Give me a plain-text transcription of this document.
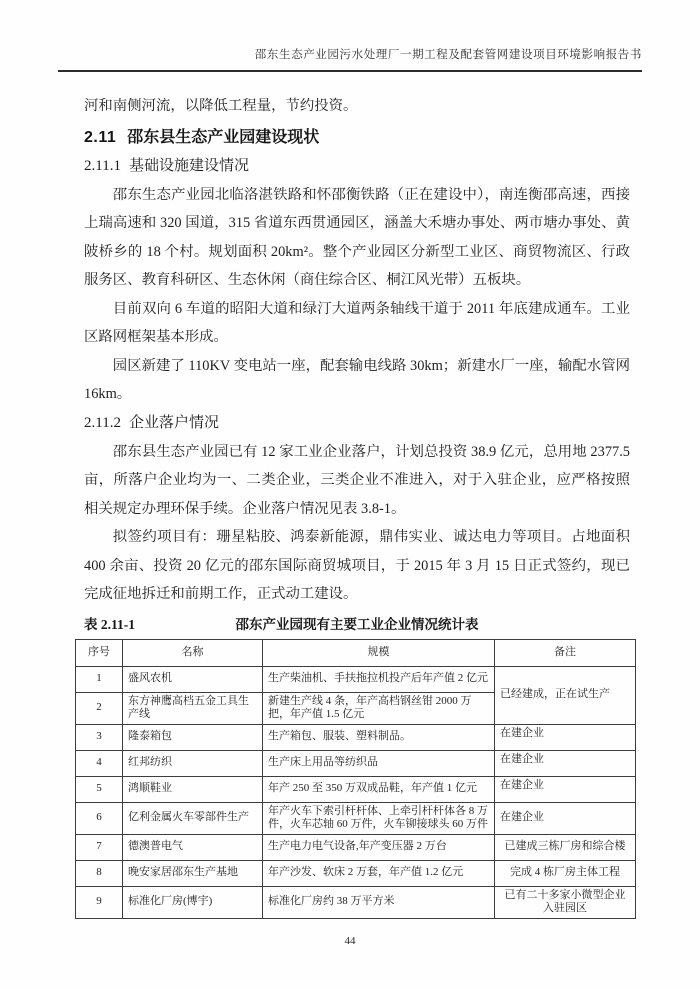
邵东生态产业园污水处理厂一期工程及配套管网建设项目环境影响报告书

河和南侧河流，以降低工程量，节约投资。

2.11 邵东县生态产业园建设现状
2.11.1 基础设施建设情况

邵东生态产业园北临洛湛铁路和怀邵衡铁路（正在建设中），南连衡邵高速，西接上瑞高速和 320 国道，315 省道东西贯通园区，涵盖大禾塘办事处、两市塘办事处、黄陂桥乡的 18 个村。规划面积 20km²。整个产业园区分新型工业区、商贸物流区、行政服务区、教育科研区、生态休闲（商住综合区、桐江风光带）五板块。

目前双向 6 车道的昭阳大道和绿汀大道两条轴线干道于 2011 年底建成通车。工业区路网框架基本形成。

园区新建了 110KV 变电站一座，配套输电线路 30km；新建水厂一座，输配水管网 16km。

2.11.2 企业落户情况

邵东县生态产业园已有 12 家工业企业落户，计划总投资 38.9 亿元，总用地 2377.5 亩，所落户企业均为一、二类企业，三类企业不准进入，对于入驻企业，应严格按照相关规定办理环保手续。企业落户情况见表 3.8-1。

拟签约项目有：珊星粘胶、鸿泰新能源，鼎伟实业、诚达电力等项目。占地面积 400 余亩、投资 20 亿元的邵东国际商贸城项目，于 2015 年 3 月 15 日正式签约，现已完成征地拆迁和前期工作，正式动工建设。

表 2.11-1	邵东产业园现有主要工业企业情况统计表
序号	名称	规模	备注
1	盛风农机	生产柴油机、手扶拖拉机投产后年产值 2 亿元	已经建成，正在试生产
2	东方神鹰高档五金工具生产线	新建生产线 4 条，年产高档钢丝钳 2000 万把，年产值 1.5 亿元	
3	隆泰箱包	生产箱包、服装、塑料制品。	在建企业
4	红邦纺织	生产床上用品等纺织品	在建企业
5	鸿顺鞋业	年产 250 至 350 万双成品鞋，年产值 1 亿元	在建企业
6	亿利金属火车零部件生产	年产火车下索引杆杆体、上牵引杆杆体各 8 万件，火车芯轴 60 万件，火车铆接球头 60 万件	在建企业
7	德澳普电气	生产电力电气设备,年产变压器 2 万台	已建成三栋厂房和综合楼
8	晚安家居邵东生产基地	年产沙发、软床 2 万套，年产值 1.2 亿元	完成 4 栋厂房主体工程
9	标准化厂房(博宇)	标准化厂房约 38 万平方米	已有二十多家小微型企业入驻园区
44
